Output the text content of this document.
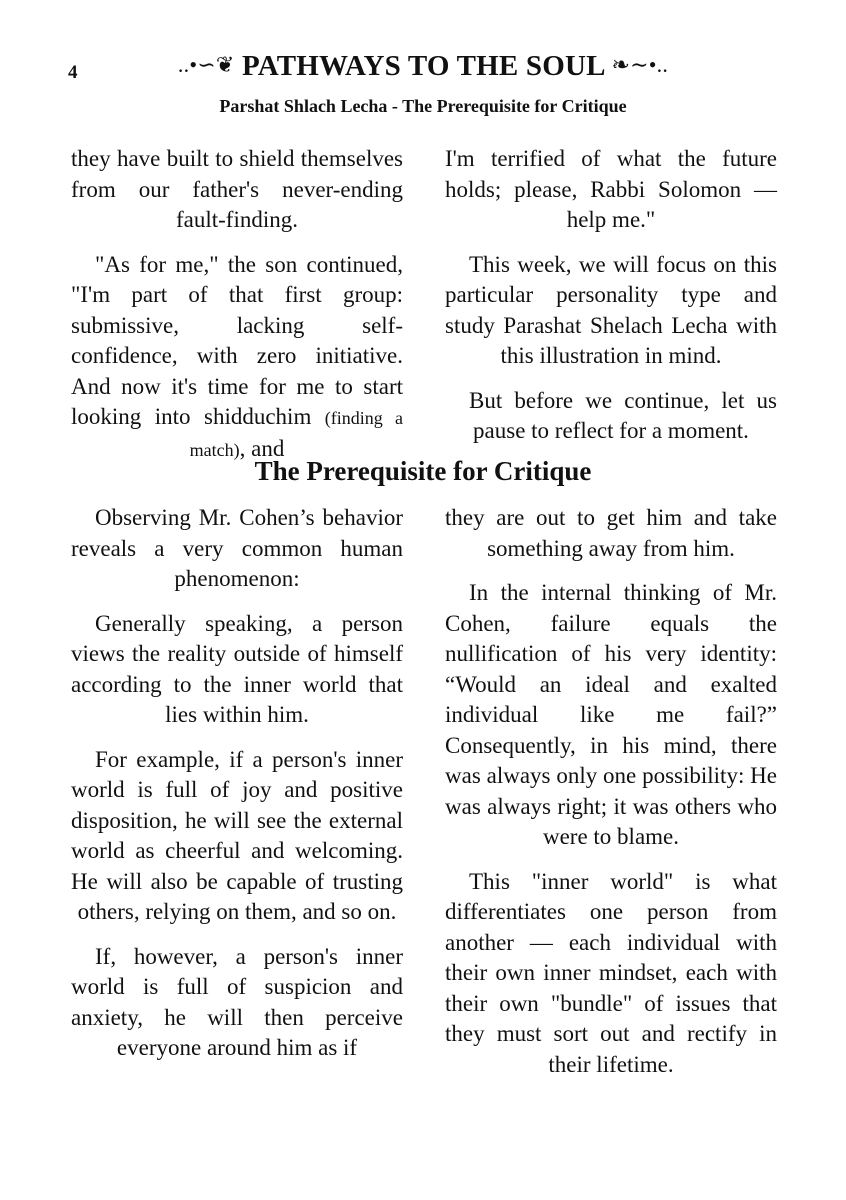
4	..•∽❦ PATHWAYS TO THE SOUL ❧∼•..
Parshat Shlach Lecha - The Prerequisite for Critique

they have built to shield themselves from our father's never-ending fault-finding.

"As for me," the son continued, "I'm part of that first group: submissive, lacking self-confidence, with zero initiative. And now it's time for me to start looking into shidduchim (finding a match), and

I'm terrified of what the future holds; please, Rabbi Solomon — help me."

This week, we will focus on this particular personality type and study Parashat Shelach Lecha with this illustration in mind.

But before we continue, let us pause to reflect for a moment.

The Prerequisite for Critique

Observing Mr. Cohen’s behavior reveals a very common human phenomenon:

Generally speaking, a person views the reality outside of himself according to the inner world that lies within him.

For example, if a person's inner world is full of joy and positive disposition, he will see the external world as cheerful and welcoming. He will also be capable of trusting others, relying on them, and so on.

If, however, a person's inner world is full of suspicion and anxiety, he will then perceive everyone around him as if

they are out to get him and take something away from him.

In the internal thinking of Mr. Cohen, failure equals the nullification of his very identity: “Would an ideal and exalted individual like me fail?” Consequently, in his mind, there was always only one possibility: He was always right; it was others who were to blame.

This "inner world" is what differentiates one person from another — each individual with their own inner mindset, each with their own "bundle" of issues that they must sort out and rectify in their lifetime.
